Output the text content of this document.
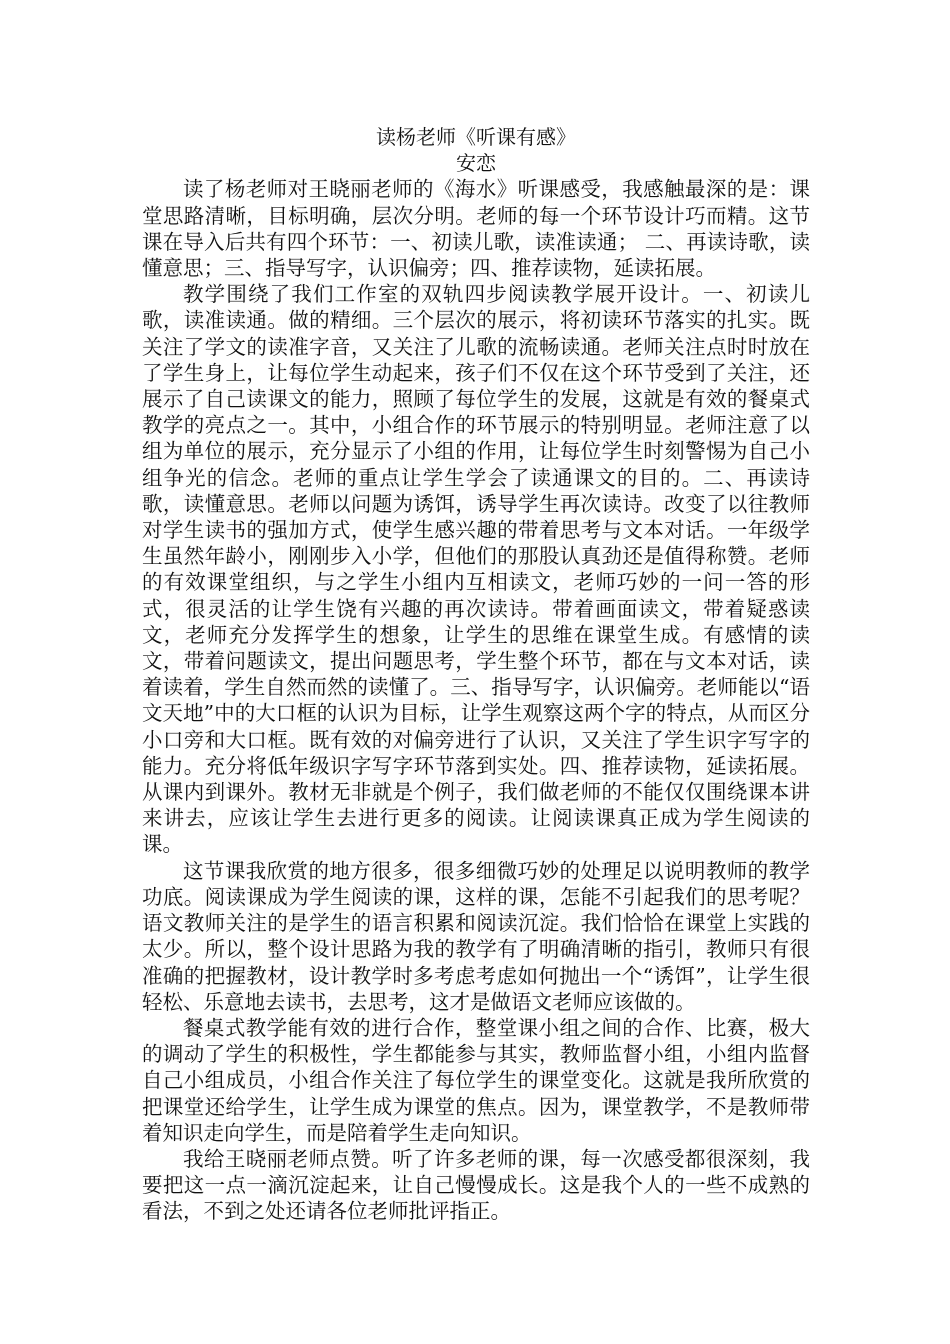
读杨老师《听课有感》

安恋

读了杨老师对王晓丽老师的《海水》听课感受，我感触最深的是：课堂思路清晰，目标明确，层次分明。老师的每一个环节设计巧而精。这节课在导入后共有四个环节：一、初读儿歌，读准读通； 二、再读诗歌，读懂意思；三、指导写字，认识偏旁；四、推荐读物，延读拓展。

教学围绕了我们工作室的双轨四步阅读教学展开设计。一、初读儿歌，读准读通。做的精细。三个层次的展示，将初读环节落实的扎实。既关注了学文的读准字音，又关注了儿歌的流畅读通。老师关注点时时放在了学生身上，让每位学生动起来，孩子们不仅在这个环节受到了关注，还展示了自己读课文的能力，照顾了每位学生的发展，这就是有效的餐桌式教学的亮点之一。其中，小组合作的环节展示的特别明显。老师注意了以组为单位的展示，充分显示了小组的作用，让每位学生时刻警惕为自己小组争光的信念。老师的重点让学生学会了读通课文的目的。二、再读诗歌，读懂意思。老师以问题为诱饵，诱导学生再次读诗。改变了以往教师对学生读书的强加方式，使学生感兴趣的带着思考与文本对话。一年级学生虽然年龄小，刚刚步入小学，但他们的那股认真劲还是值得称赞。老师的有效课堂组织，与之学生小组内互相读文，老师巧妙的一问一答的形式，很灵活的让学生饶有兴趣的再次读诗。带着画面读文，带着疑惑读文，老师充分发挥学生的想象，让学生的思维在课堂生成。有感情的读文，带着问题读文，提出问题思考，学生整个环节，都在与文本对话，读着读着，学生自然而然的读懂了。三、指导写字，认识偏旁。老师能以“语文天地”中的大口框的认识为目标，让学生观察这两个字的特点，从而区分小口旁和大口框。既有效的对偏旁进行了认识，又关注了学生识字写字的能力。充分将低年级识字写字环节落到实处。四、推荐读物，延读拓展。从课内到课外。教材无非就是个例子，我们做老师的不能仅仅围绕课本讲来讲去，应该让学生去进行更多的阅读。让阅读课真正成为学生阅读的课。

这节课我欣赏的地方很多，很多细微巧妙的处理足以说明教师的教学功底。阅读课成为学生阅读的课，这样的课，怎能不引起我们的思考呢？语文教师关注的是学生的语言积累和阅读沉淀。我们恰恰在课堂上实践的太少。所以，整个设计思路为我的教学有了明确清晰的指引，教师只有很准确的把握教材，设计教学时多考虑考虑如何抛出一个“诱饵”，让学生很轻松、乐意地去读书，去思考，这才是做语文老师应该做的。

餐桌式教学能有效的进行合作，整堂课小组之间的合作、比赛，极大的调动了学生的积极性，学生都能参与其实，教师监督小组，小组内监督自己小组成员，小组合作关注了每位学生的课堂变化。这就是我所欣赏的把课堂还给学生，让学生成为课堂的焦点。因为，课堂教学，不是教师带着知识走向学生，而是陪着学生走向知识。

我给王晓丽老师点赞。听了许多老师的课，每一次感受都很深刻，我要把这一点一滴沉淀起来，让自己慢慢成长。这是我个人的一些不成熟的看法，不到之处还请各位老师批评指正。
